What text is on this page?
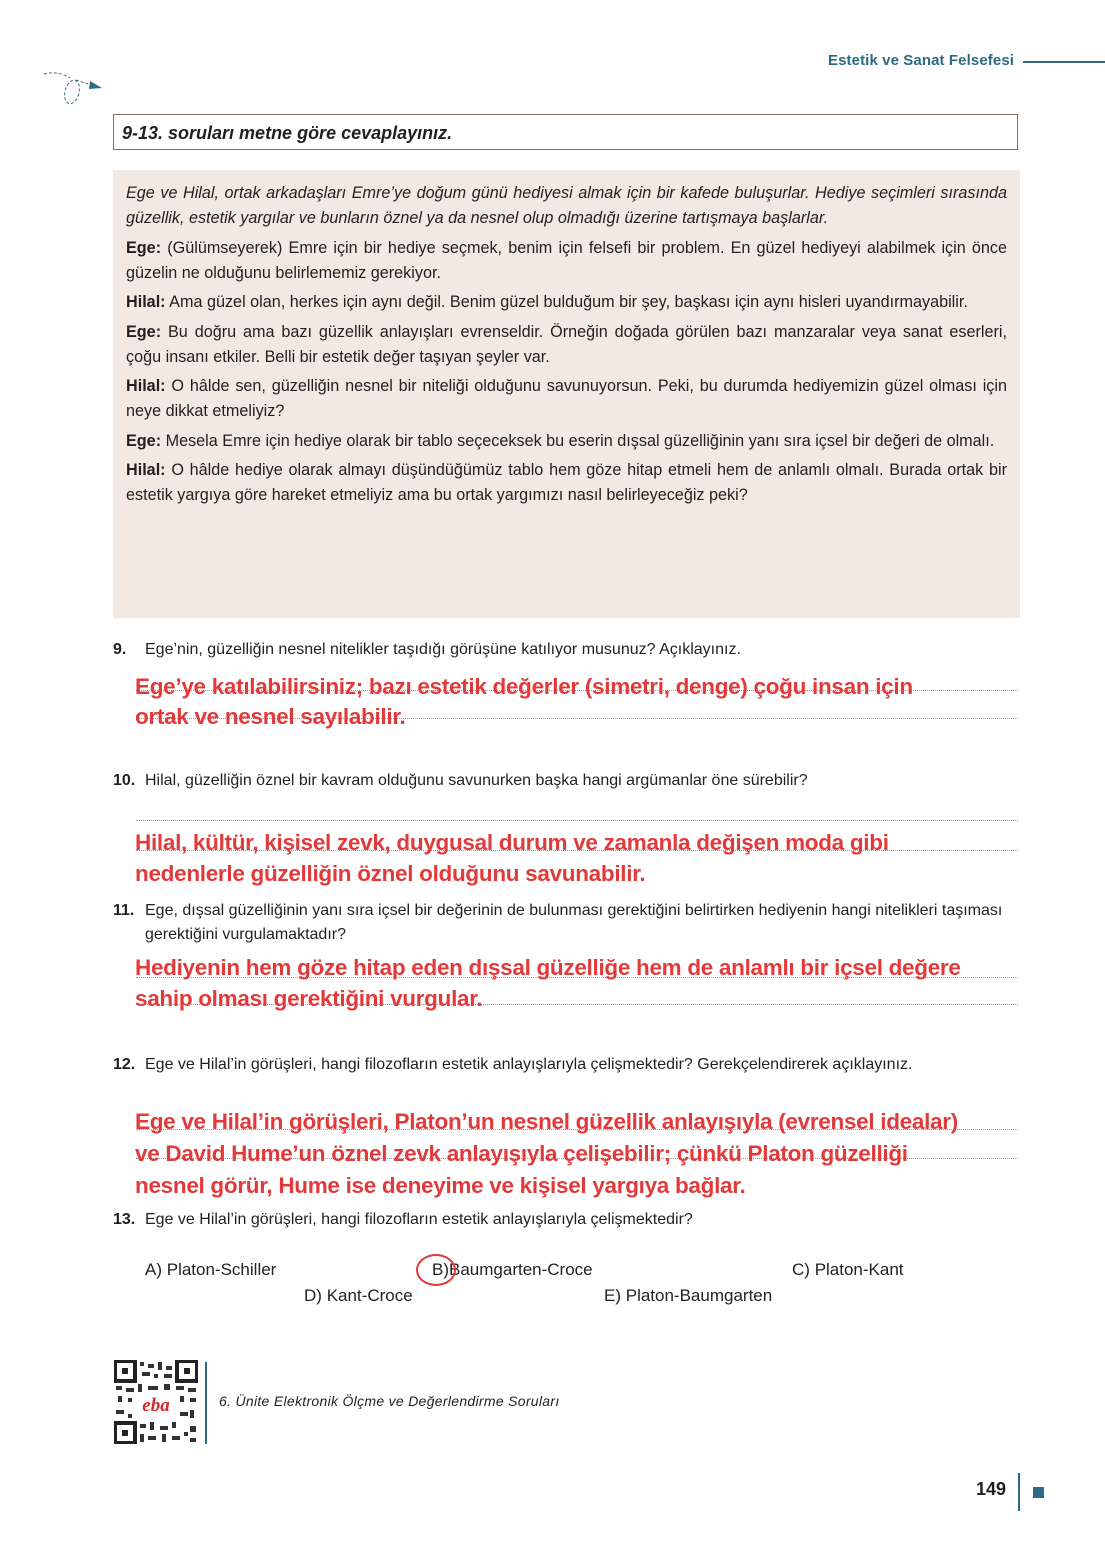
Estetik ve Sanat Felsefesi
9-13. soruları metne göre cevaplayınız.

Ege ve Hilal, ortak arkadaşları Emre’ye doğum günü hediyesi almak için bir kafede buluşurlar. Hediye seçimleri sırasında güzellik, estetik yargılar ve bunların öznel ya da nesnel olup olmadığı üzerine tartışmaya başlarlar.

Ege: (Gülümseyerek) Emre için bir hediye seçmek, benim için felsefi bir problem. En güzel hediyeyi alabilmek için önce güzelin ne olduğunu belirlememiz gerekiyor.

Hilal: Ama güzel olan, herkes için aynı değil. Benim güzel bulduğum bir şey, başkası için aynı hisleri uyandırmayabilir.

Ege: Bu doğru ama bazı güzellik anlayışları evrenseldir. Örneğin doğada görülen bazı manzaralar veya sanat eserleri, çoğu insanı etkiler. Belli bir estetik değer taşıyan şeyler var.

Hilal: O hâlde sen, güzelliğin nesnel bir niteliği olduğunu savunuyorsun. Peki, bu durumda hediyemizin güzel olması için neye dikkat etmeliyiz?

Ege: Mesela Emre için hediye olarak bir tablo seçeceksek bu eserin dışsal güzelliğinin yanı sıra içsel bir değeri de olmalı.

Hilal: O hâlde hediye olarak almayı düşündüğümüz tablo hem göze hitap etmeli hem de anlamlı olmalı. Burada ortak bir estetik yargıya göre hareket etmeliyiz ama bu ortak yargımızı nasıl belirleyeceğiz peki?

9. Ege’nin, güzelliğin nesnel nitelikler taşıdığı görüşüne katılıyor musunuz? Açıklayınız.
Ege’ye katılabilirsiniz; bazı estetik değerler (simetri, denge) çoğu insan için
ortak ve nesnel sayılabilir.
10. Hilal, güzelliğin öznel bir kavram olduğunu savunurken başka hangi argümanlar öne sürebilir?
Hilal, kültür, kişisel zevk, duygusal durum ve zamanla değişen moda gibi
nedenlerle güzelliğin öznel olduğunu savunabilir.
11. Ege, dışsal güzelliğinin yanı sıra içsel bir değerinin de bulunması gerektiğini belirtirken hediyenin hangi nitelikleri taşıması gerektiğini vurgulamaktadır?
Hediyenin hem göze hitap eden dışsal güzelliğe hem de anlamlı bir içsel değere
sahip olması gerektiğini vurgular.
12. Ege ve Hilal’in görüşleri, hangi filozofların estetik anlayışlarıyla çelişmektedir? Gerekçelendirerek açıklayınız.
Ege ve Hilal’in görüşleri, Platon’un nesnel güzellik anlayışıyla (evrensel idealar)
ve David Hume’un öznel zevk anlayışıyla çelişebilir; çünkü Platon güzelliği
nesnel görür, Hume ise deneyime ve kişisel yargıya bağlar.
13. Ege ve Hilal’in görüşleri, hangi filozofların estetik anlayışlarıyla çelişmektedir?
A) Platon-Schiller	B)Baumgarten-Croce	C) Platon-Kant
D) Kant-Croce	E) Platon-Baumgarten
eba	6. Ünite Elektronik Ölçme ve Değerlendirme Soruları
149
